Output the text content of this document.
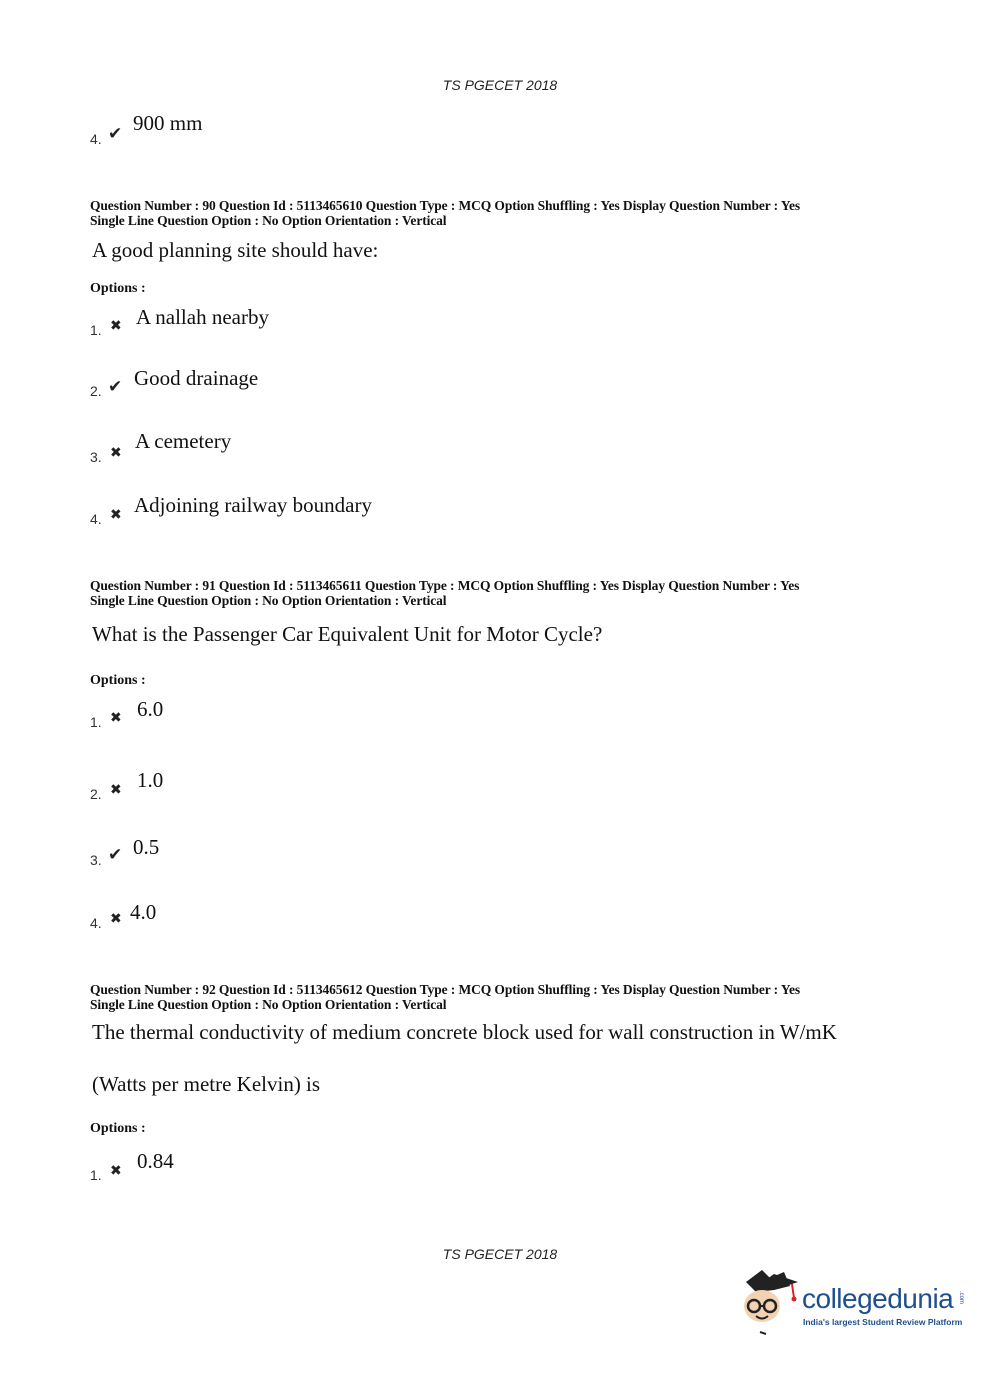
TS PGECET 2018
4. ✔ 900 mm
Question Number : 90 Question Id : 5113465610 Question Type : MCQ Option Shuffling : Yes Display Question Number : Yes
Single Line Question Option : No Option Orientation : Vertical
A good planning site should have:
Options :
1. ✖ A nallah nearby
2. ✔ Good drainage
3. ✖
A cemetery
4. ✖ Adjoining railway boundary
Question Number : 91 Question Id : 5113465611 Question Type : MCQ Option Shuffling : Yes Display Question Number : Yes
Single Line Question Option : No Option Orientation : Vertical
What is the Passenger Car Equivalent Unit for Motor Cycle?
Options :
1. ✖ 6.0
2. ✖ 1.0
3. ✔ 0.5
4. ✖ 4.0
Question Number : 92 Question Id : 5113465612 Question Type : MCQ Option Shuffling : Yes Display Question Number : Yes
Single Line Question Option : No Option Orientation : Vertical
The thermal conductivity of medium concrete block used for wall construction in W/mK
(Watts per metre Kelvin) is
Options :
1. ✖ 0.84
TS PGECET 2018
collegedunia .com
India's largest Student Review Platform
